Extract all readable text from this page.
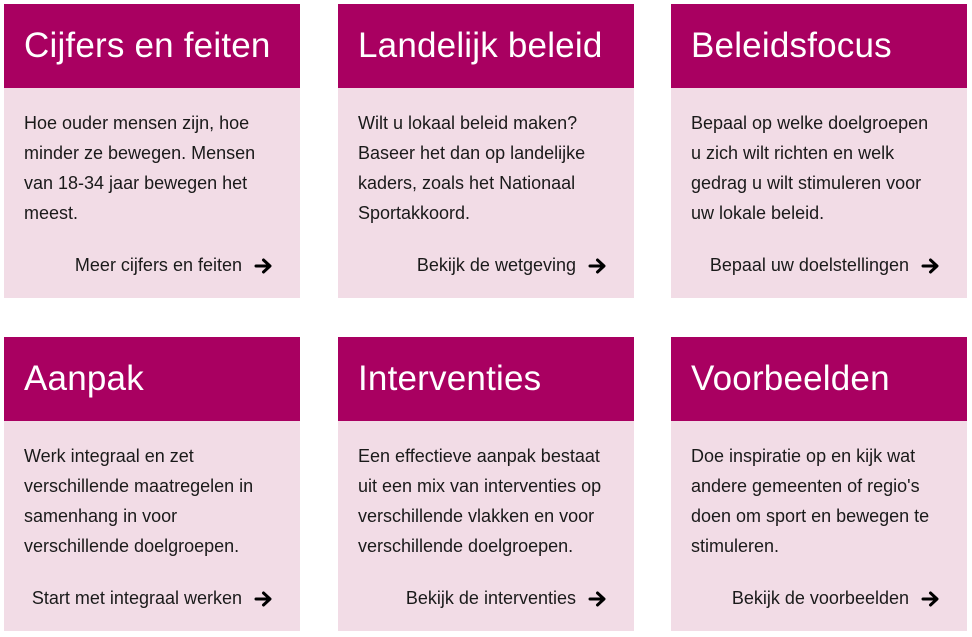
Cijfers en feiten

Hoe ouder mensen zijn, hoe
minder ze bewegen. Mensen
van 18-34 jaar bewegen het
meest.

Meer cijfers en feiten
Landelijk beleid

Wilt u lokaal beleid maken?
Baseer het dan op landelijke
kaders, zoals het Nationaal
Sportakkoord.

Bekijk de wetgeving
Beleidsfocus

Bepaal op welke doelgroepen
u zich wilt richten en welk
gedrag u wilt stimuleren voor
uw lokale beleid.

Bepaal uw doelstellingen
Aanpak

Werk integraal en zet
verschillende maatregelen in
samenhang in voor
verschillende doelgroepen.

Start met integraal werken
Interventies

Een effectieve aanpak bestaat
uit een mix van interventies op
verschillende vlakken en voor
verschillende doelgroepen.

Bekijk de interventies
Voorbeelden

Doe inspiratie op en kijk wat
andere gemeenten of regio's
doen om sport en bewegen te
stimuleren.

Bekijk de voorbeelden
